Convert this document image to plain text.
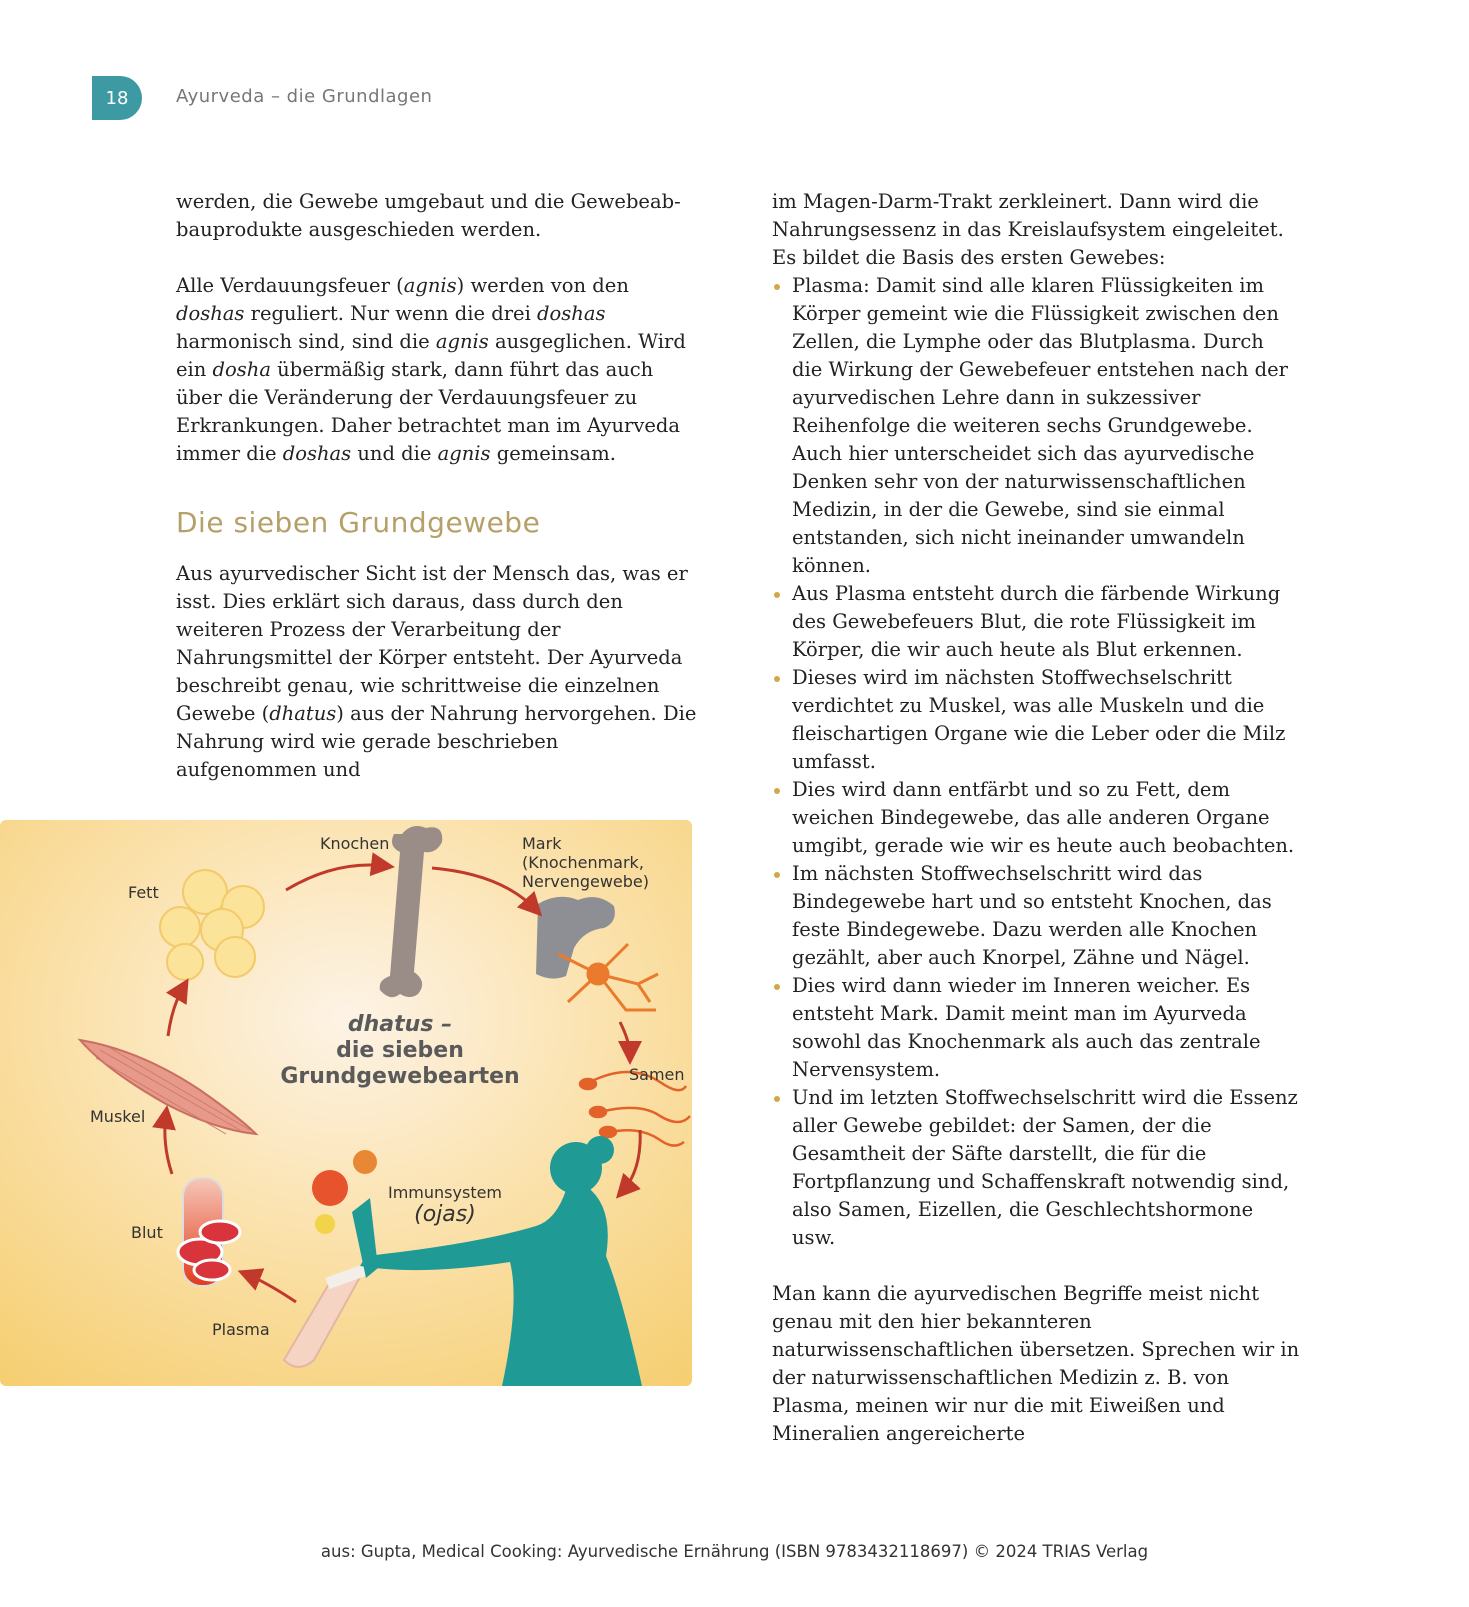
18	Ayurveda – die Grundlagen

werden, die Gewebe umgebaut und die Gewebeabbauprodukte ausgeschieden werden.

Alle Verdauungsfeuer (agnis) werden von den doshas reguliert. Nur wenn die drei doshas harmonisch sind, sind die agnis ausgeglichen. Wird ein dosha übermäßig stark, dann führt das auch über die Veränderung der Verdauungsfeuer zu Erkrankungen. Daher betrachtet man im Ayurveda immer die doshas und die agnis gemeinsam.

Die sieben Grundgewebe

Aus ayurvedischer Sicht ist der Mensch das, was er isst. Dies erklärt sich daraus, dass durch den weiteren Prozess der Verarbeitung der Nahrungsmittel der Körper entsteht. Der Ayurveda beschreibt genau, wie schrittweise die einzelnen Gewebe (dhatus) aus der Nahrung hervorgehen. Die Nahrung wird wie gerade beschrieben aufgenommen und

dhatus –
die sieben
Grundgewebearten
Knochen	Mark
(Knochenmark,
Nervengewebe)
Fett
Samen
Muskel
Blut
Plasma
Immunsystem
(ojas)

im Magen-Darm-Trakt zerkleinert. Dann wird die Nahrungsessenz in das Kreislaufsystem eingeleitet. Es bildet die Basis des ersten Gewebes:

Plasma: Damit sind alle klaren Flüssigkeiten im Körper gemeint wie die Flüssigkeit zwischen den Zellen, die Lymphe oder das Blutplasma. Durch die Wirkung der Gewebefeuer entstehen nach der ayurvedischen Lehre dann in sukzessiver Reihenfolge die weiteren sechs Grundgewebe. Auch hier unterscheidet sich das ayurvedische Denken sehr von der naturwissenschaftlichen Medizin, in der die Gewebe, sind sie einmal entstanden, sich nicht ineinander umwandeln können.
Aus Plasma entsteht durch die färbende Wirkung des Gewebefeuers Blut, die rote Flüssigkeit im Körper, die wir auch heute als Blut erkennen.
Dieses wird im nächsten Stoffwechselschritt verdichtet zu Muskel, was alle Muskeln und die fleischartigen Organe wie die Leber oder die Milz umfasst.
Dies wird dann entfärbt und so zu Fett, dem weichen Bindegewebe, das alle anderen Organe umgibt, gerade wie wir es heute auch beobachten.
Im nächsten Stoffwechselschritt wird das Bindegewebe hart und so entsteht Knochen, das feste Bindegewebe. Dazu werden alle Knochen gezählt, aber auch Knorpel, Zähne und Nägel.
Dies wird dann wieder im Inneren weicher. Es entsteht Mark. Damit meint man im Ayurveda sowohl das Knochenmark als auch das zentrale Nervensystem.
Und im letzten Stoffwechselschritt wird die Essenz aller Gewebe gebildet: der Samen, der die Gesamtheit der Säfte darstellt, die für die Fortpflanzung und Schaffenskraft notwendig sind, also Samen, Eizellen, die Geschlechtshormone usw.

Man kann die ayurvedischen Begriffe meist nicht genau mit den hier bekannteren naturwissenschaftlichen übersetzen. Sprechen wir in der naturwissenschaftlichen Medizin z. B. von Plasma, meinen wir nur die mit Eiweißen und Mineralien angereicherte

aus: Gupta, Medical Cooking: Ayurvedische Ernährung (ISBN 9783432118697) © 2024 TRIAS Verlag
